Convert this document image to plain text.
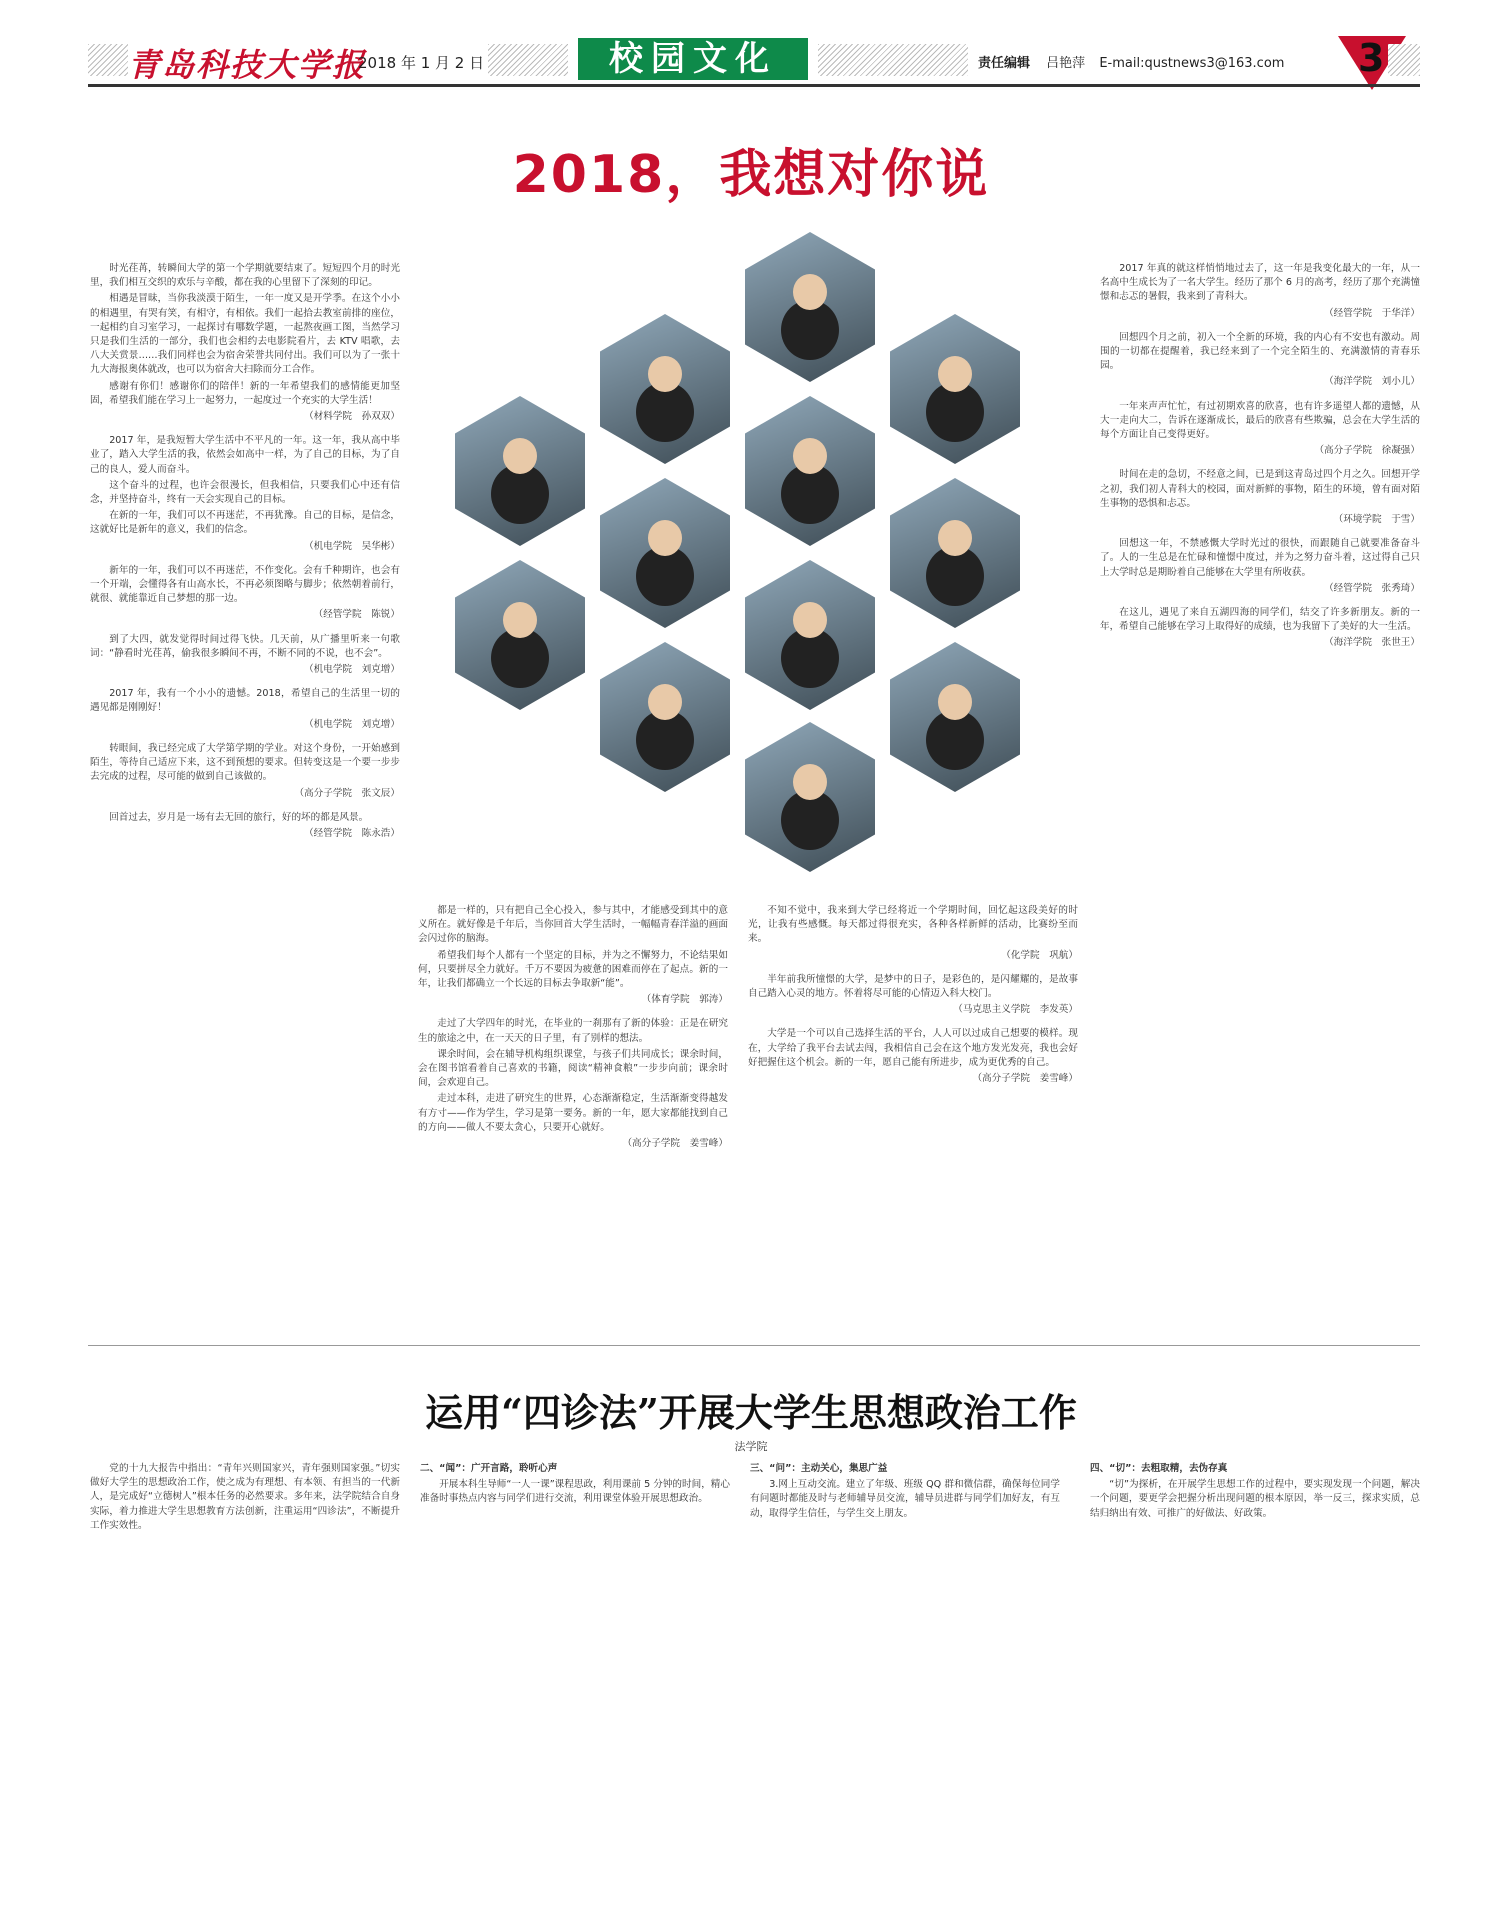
青岛科技大学报
2018 年 1 月 2 日	校园文化	责任编辑 吕艳萍 E-mail:qustnews3@163.com 3
2018，我想对你说

时光荏苒，转瞬间大学的第一个学期就要结束了。短短四个月的时光里，我们相互交织的欢乐与辛酸，都在我的心里留下了深刻的印记。

相遇是冒昧，当你我淡漠于陌生，一年一度又是开学季。在这个小小的相遇里，有哭有笑，有相守，有相依。我们一起拾去教室前排的座位，一起相约自习室学习，一起探讨有哪数学题，一起熬夜画工图，当然学习只是我们生活的一部分，我们也会相约去电影院看片，去 KTV 唱歌，去八大关赏景……我们同样也会为宿舍荣誉共同付出。我们可以为了一张十九大海报奥体就改，也可以为宿舍大扫除而分工合作。

感谢有你们！感谢你们的陪伴！新的一年希望我们的感情能更加坚固，希望我们能在学习上一起努力，一起度过一个充实的大学生活！

（材料学院　孙双双）

2017 年，是我短暂大学生活中不平凡的一年。这一年，我从高中毕业了，踏入大学生活的我，依然会如高中一样，为了自己的目标，为了自己的良人，爱人而奋斗。

这个奋斗的过程，也许会很漫长，但我相信，只要我们心中还有信念，并坚持奋斗，终有一天会实现自己的目标。

在新的一年，我们可以不再迷茫，不再犹豫。自己的目标，是信念，这就好比是新年的意义，我们的信念。

（机电学院　吴华彬）

新年的一年，我们可以不再迷茫，不作变化。会有千种期许，也会有一个开端，会懂得各有山高水长，不再必须图略与脚步；依然朝着前行，就很、就能靠近自己梦想的那一边。

（经管学院　陈锐）

到了大四，就发觉得时间过得飞快。几天前，从广播里听来一句歌词：“静看时光荏苒，偷我很多瞬间不再，不断不同的不说，也不会”。

（机电学院　刘克增）

2017 年，我有一个小小的遗憾。2018，希望自己的生活里一切的遇见都是刚刚好！

（机电学院　刘克增）

转眼间，我已经完成了大学第学期的学业。对这个身份，一开始感到陌生，等待自己适应下来，这不到预想的要求。但转变这是一个要一步步去完成的过程，尽可能的做到自己该做的。

（高分子学院　张文辰）

回首过去，岁月是一场有去无回的旅行，好的坏的都是风景。

（经管学院　陈永浩）

都是一样的，只有把自己全心投入，参与其中，才能感受到其中的意义所在。就好像是千年后，当你回首大学生活时，一幅幅青春洋溢的画面会闪过你的脑海。

希望我们每个人都有一个坚定的目标，并为之不懈努力，不论结果如何，只要拼尽全力就好。千万不要因为疲惫的困难而停在了起点。新的一年，让我们都确立一个长远的目标去争取新“能”。

（体育学院　郭涛）

走过了大学四年的时光，在毕业的一刹那有了新的体验：正是在研究生的旅途之中，在一天天的日子里，有了别样的想法。

课余时间，会在辅导机构组织课堂，与孩子们共同成长；课余时间，会在图书馆看着自己喜欢的书籍，阅读“精神食粮”一步步向前；课余时间，会欢迎自己。

走过本科，走进了研究生的世界，心态渐渐稳定，生活渐渐变得越发有方寸——作为学生，学习是第一要务。新的一年，愿大家都能找到自己的方向——做人不要太贪心，只要开心就好。

（高分子学院　姜雪峰）

不知不觉中，我来到大学已经将近一个学期时间，回忆起这段美好的时光，让我有些感慨。每天都过得很充实，各种各样新鲜的活动，比赛纷至而来。

（化学院　巩航）

半年前我所憧憬的大学，是梦中的日子，是彩色的，是闪耀耀的，是故事自己踏入心灵的地方。怀着将尽可能的心情迈入科大校门。

（马克思主义学院　李发英）

大学是一个可以自己选择生活的平台，人人可以过成自己想要的模样。现在，大学给了我平台去试去闯，我相信自己会在这个地方发光发亮，我也会好好把握住这个机会。新的一年，愿自己能有所进步，成为更优秀的自己。

（高分子学院　姜雪峰）

2017 年真的就这样悄悄地过去了，这一年是我变化最大的一年，从一名高中生成长为了一名大学生。经历了那个 6 月的高考，经历了那个充满憧憬和忐忑的暑假，我来到了青科大。

（经管学院　于华洋）

回想四个月之前，初入一个全新的环境，我的内心有不安也有激动。周围的一切都在提醒着，我已经来到了一个完全陌生的、充满激情的青春乐园。

（海洋学院　刘小儿）

一年来声声忙忙，有过初期欢喜的欣喜，也有许多遥望人都的遗憾，从大一走向大二，告诉在逐渐成长，最后的欣喜有些欺骗，总会在大学生活的每个方面让自己变得更好。

（高分子学院　徐凝强）

时间在走的急切，不经意之间，已是到这青岛过四个月之久。回想开学之初，我们初人青科大的校园，面对新鲜的事物，陌生的环境，曾有面对陌生事物的恐惧和忐忑。

（环境学院　于雪）

回想这一年，不禁感慨大学时光过的很快，而跟随自己就要准备奋斗了。人的一生总是在忙碌和憧憬中度过，并为之努力奋斗着，这过得自己只上大学时总是期盼着自己能够在大学里有所收获。

（经管学院　张秀琦）

在这儿，遇见了来自五湖四海的同学们，结交了许多新朋友。新的一年，希望自己能够在学习上取得好的成绩，也为我留下了美好的大一生活。

（海洋学院　张世王）

运用“四诊法”开展大学生思想政治工作
法学院

党的十九大报告中指出：“青年兴则国家兴，青年强则国家强。”切实做好大学生的思想政治工作，使之成为有理想、有本领、有担当的一代新人，是完成好“立德树人”根本任务的必然要求。多年来，法学院结合自身实际，着力推进大学生思想教育方法创新，注重运用“四诊法”，不断提升工作实效性。

二、“闻”：广开言路，聆听心声

开展本科生导师“一人一课”课程思政，利用课前 5 分钟的时间，精心准备时事热点内容与同学们进行交流，利用课堂体验开展思想政治。

三、“问”：主动关心，集思广益

3.网上互动交流。建立了年级、班级 QQ 群和微信群，确保每位同学有问题时都能及时与老师辅导员交流，辅导员进群与同学们加好友，有互动，取得学生信任，与学生交上朋友。

四、“切”：去粗取精，去伪存真

“切”为探析，在开展学生思想工作的过程中，要实现发现一个问题，解决一个问题，要更学会把握分析出现问题的根本原因，举一反三，探求实质，总结归纳出有效、可推广的好做法、好政策。
